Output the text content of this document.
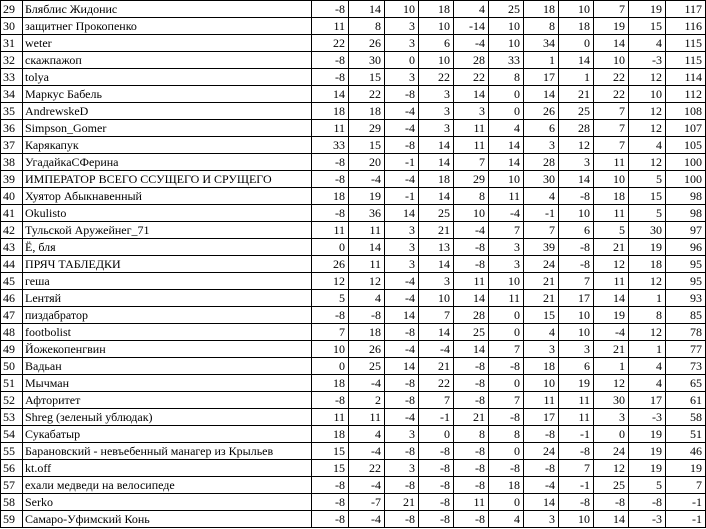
29	Бляблис Жидонис	-8	14	10	18	4	25	18	10	7	19	117
30	защитнег Прокопенко	11	8	3	10	-14	10	8	18	19	15	116
31	weter	22	26	3	6	-4	10	34	0	14	4	115
32	скажпажоп	-8	30	0	10	28	33	1	14	10	-3	115
33	tolya	-8	15	3	22	22	8	17	1	22	12	114
34	Маркус Бабель	14	22	-8	3	14	0	14	21	22	10	112
35	AndrewskeD	18	18	-4	3	3	0	26	25	7	12	108
36	Simpson_Gomer	11	29	-4	3	11	4	6	28	7	12	107
37	Карякапук	33	15	-8	14	11	14	3	12	7	4	105
38	УгадайкаСФерина	-8	20	-1	14	7	14	28	3	11	12	100
39	ИМПЕРАТОР ВСЕГО ССУЩЕГО И СРУЩЕГО	-8	-4	-4	18	29	10	30	14	10	5	100
40	Хуятор Абыкнавенный	18	19	-1	14	8	11	4	-8	18	15	98
41	Okulisto	-8	36	14	25	10	-4	-1	10	11	5	98
42	Тульской Аружейнег_71	11	11	3	21	-4	7	7	6	5	30	97
43	Ё, бля	0	14	3	13	-8	3	39	-8	21	19	96
44	ПРЯЧ ТАБЛЕДКИ	26	11	3	14	-8	3	24	-8	12	18	95
45	гешa	12	12	-4	3	11	10	21	7	11	12	95
46	Lентяй	5	4	-4	10	14	11	21	17	14	1	93
47	пиздабратор	-8	-8	14	7	28	0	15	10	19	8	85
48	footbolist	7	18	-8	14	25	0	4	10	-4	12	78
49	Йожекопенгвин	10	26	-4	-4	14	7	3	3	21	1	77
50	Вадьан	0	25	14	21	-8	-8	18	6	1	4	73
51	Мычман	18	-4	-8	22	-8	0	10	19	12	4	65
52	Афторитет	-8	2	-8	7	-8	7	11	11	30	17	61
53	Shreg (зеленый ублюдак)	11	11	-4	-1	21	-8	17	11	3	-3	58
54	Сукабатыр	18	4	3	0	8	8	-8	-1	0	19	51
55	Барановский - невъебенный манагер из Крыльев	15	-4	-8	-8	-8	0	24	-8	24	19	46
56	kt.off	15	22	3	-8	-8	-8	-8	7	12	19	19
57	ехали медведи на велосипеде	-8	-4	-8	-8	-8	18	-4	-1	25	5	7
58	Serko	-8	-7	21	-8	11	0	14	-8	-8	-8	-1
59	Самаро-Уфимский Конь	-8	-4	-8	-8	-8	4	3	10	14	-3	-1
